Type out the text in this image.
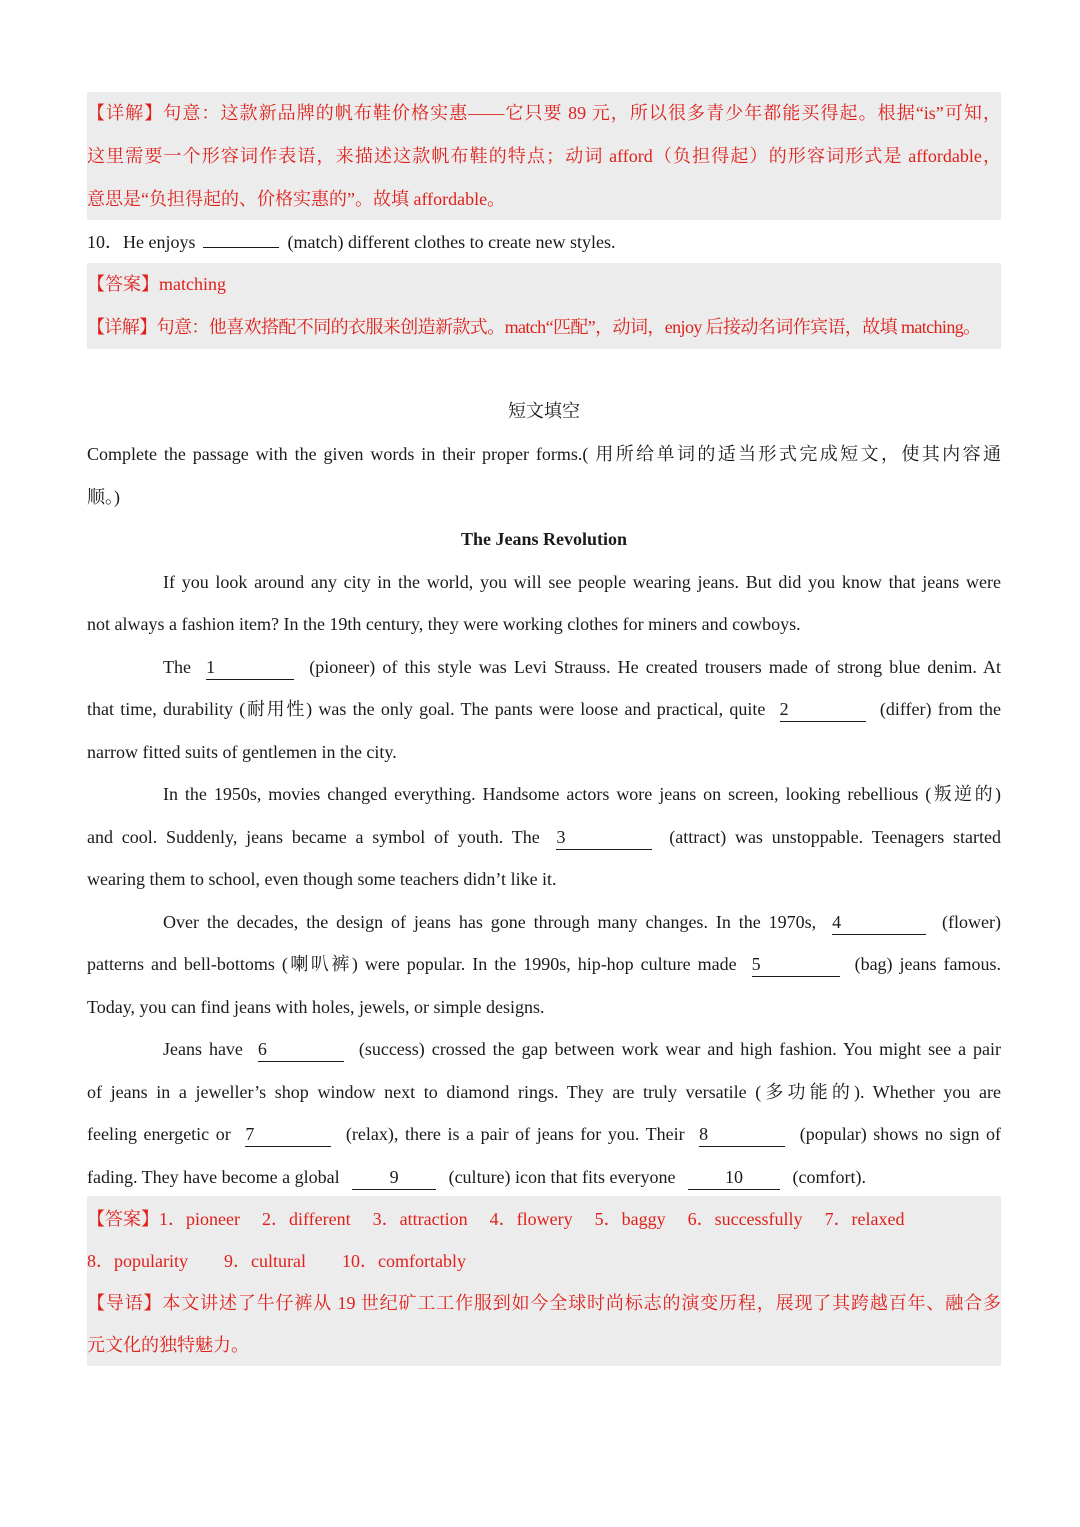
【详解】句意：这款新品牌的帆布鞋价格实惠——它只要 89 元，所以很多青少年都能买得起。根据“is”可知，
这里需要一个形容词作表语，来描述这款帆布鞋的特点；动词 afford（负担得起）的形容词形式是 affordable，
意思是“负担得起的、价格实惠的”。故填 affordable。
10．He enjoys	(match) different clothes to create new styles.
【答案】matching
【详解】句意：他喜欢搭配不同的衣服来创造新款式。match“匹配”，动词，enjoy 后接动名词作宾语，故填 matching。
短文填空
Complete the passage with the given words in their proper forms.( 用所给单词的适当形式完成短文，使其内容通
顺。)
The Jeans Revolution
If you look around any city in the world, you will see people wearing jeans. But did you know that jeans were
not always a fashion item? In the 19th century, they were working clothes for miners and cowboys.
The 1	(pioneer) of this style was Levi Strauss. He created trousers made of strong blue denim. At
that time, durability (耐用性) was the only goal. The pants were loose and practical, quite 2	(differ) from the
narrow fitted suits of gentlemen in the city.
In the 1950s, movies changed everything. Handsome actors wore jeans on screen, looking rebellious (叛逆的)
and cool. Suddenly, jeans became a symbol of youth. The 3	(attract) was unstoppable. Teenagers started
wearing them to school, even though some teachers didn’t like it.
Over the decades, the design of jeans has gone through many changes. In the 1970s, 4	(flower)
patterns and bell-bottoms (喇叭裤) were popular. In the 1990s, hip-hop culture made 5	(bag) jeans famous.
Today, you can find jeans with holes, jewels, or simple designs.
Jeans have 6	(success) crossed the gap between work wear and high fashion. You might see a pair
of jeans in a jeweller’s shop window next to diamond rings. They are truly versatile (多功能的). Whether you are
feeling energetic or 7	(relax), there is a pair of jeans for you. Their 8	(popular) shows no sign of
fading. They have become a global	9	(culture) icon that fits everyone	10	(comfort).
【答案】1．pioneer 2．different 3．attraction 4．flowery 5．baggy 6．successfully 7．relaxed
8．popularity 9．cultural 10．comfortably
【导语】本文讲述了牛仔裤从 19 世纪矿工工作服到如今全球时尚标志的演变历程，展现了其跨越百年、融合多
元文化的独特魅力。
